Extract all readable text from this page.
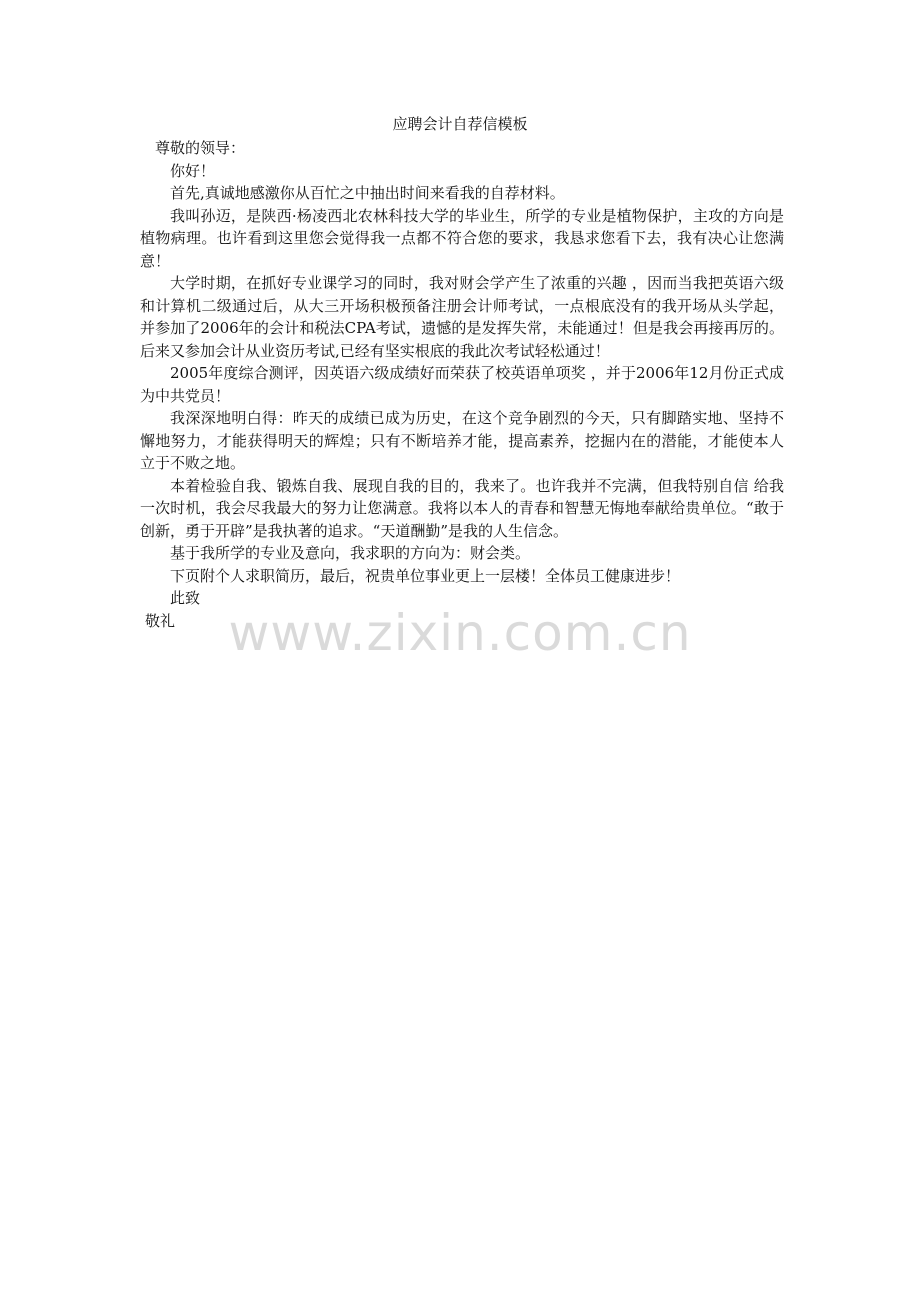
应聘会计自荐信模板

尊敬的领导：

你好！

首先,真诚地感激你从百忙之中抽出时间来看我的自荐材料。

我叫孙迈，是陕西·杨凌西北农林科技大学的毕业生，所学的专业是植物保护，主攻的方向是植物病理。也许看到这里您会觉得我一点都不符合您的要求，我恳求您看下去，我有决心让您满意！

大学时期，在抓好专业课学习的同时，我对财会学产生了浓重的兴趣 ，因而当我把英语六级和计算机二级通过后，从大三开场积极预备注册会计师考试，一点根底没有的我开场从头学起，并参加了2006年的会计和税法CPA考试，遗憾的是发挥失常，未能通过！但是我会再接再厉的。后来又参加会计从业资历考试,已经有坚实根底的我此次考试轻松通过！

2005年度综合测评，因英语六级成绩好而荣获了校英语单项奖 ，并于2006年12月份正式成为中共党员！

我深深地明白得：昨天的成绩已成为历史，在这个竞争剧烈的今天，只有脚踏实地、坚持不懈地努力，才能获得明天的辉煌；只有不断培养才能，提高素养，挖掘内在的潜能，才能使本人立于不败之地。

本着检验自我、锻炼自我、展现自我的目的，我来了。也许我并不完满，但我特别自信 给我一次时机，我会尽我最大的努力让您满意。我将以本人的青春和智慧无悔地奉献给贵单位。“敢于创新，勇于开辟”是我执著的追求。“天道酬勤”是我的人生信念。

基于我所学的专业及意向，我求职的方向为：财会类。

下页附个人求职简历，最后，祝贵单位事业更上一层楼！全体员工健康进步！

此致

敬礼	www.zixin.com.cn
